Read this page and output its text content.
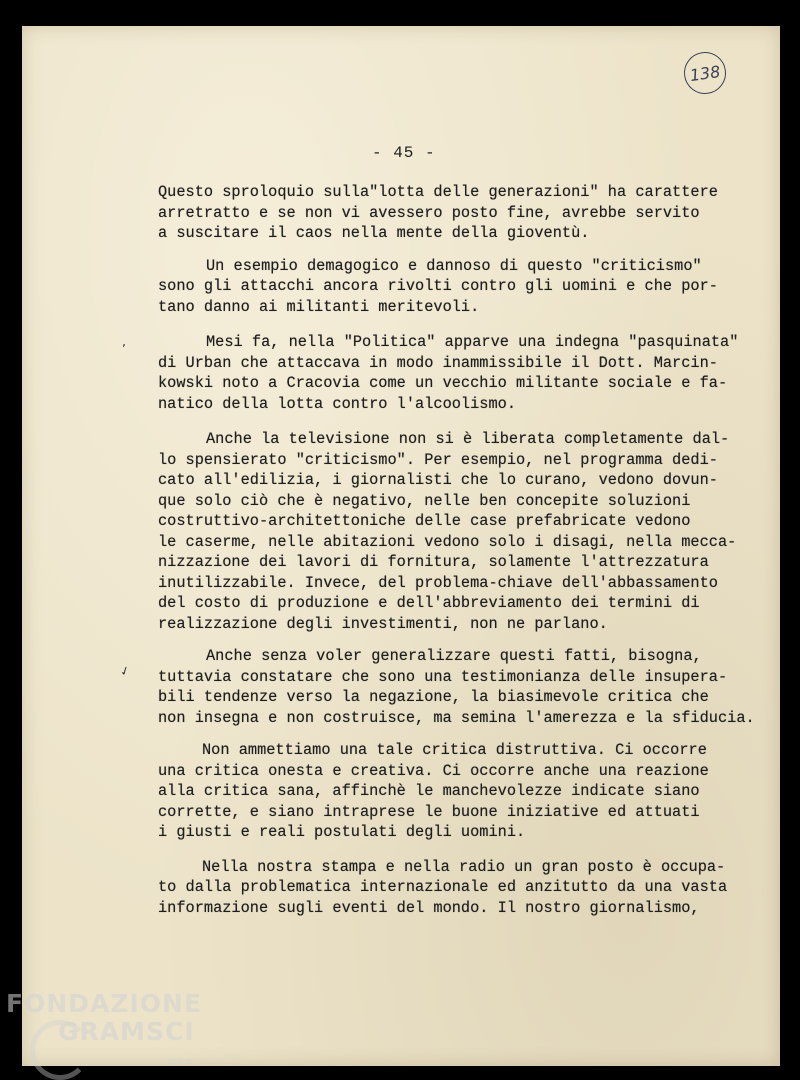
138
- 45 -
ʼ
✓
Questo sproloquio sulla"lotta delle generazioni" ha carattere
arretratto e se non vi avessero posto fine, avrebbe servito
a suscitare il caos nella mente della gioventù.
Un esempio demagogico e dannoso di questo "criticismo"
sono gli attacchi ancora rivolti contro gli uomini e che por-
tano danno ai militanti meritevoli.
Mesi fa, nella "Politica" apparve una indegna "pasquinata"
di Urban che attaccava in modo inammissibile il Dott. Marcin-
kowski noto a Cracovia come un vecchio militante sociale e fa-
natico della lotta contro l'alcoolismo.
Anche la televisione non si è liberata completamente dal-
lo spensierato "criticismo". Per esempio, nel programma dedi-
cato all'edilizia, i giornalisti che lo curano, vedono dovun-
que solo ciò che è negativo, nelle ben concepite soluzioni
costruttivo-architettoniche delle case prefabricate vedono
le caserme, nelle abitazioni vedono solo i disagi, nella mecca-
nizzazione dei lavori di fornitura, solamente l'attrezzatura
inutilizzabile. Invece, del problema-chiave dell'abbassamento
del costo di produzione e dell'abbreviamento dei termini di
realizzazione degli investimenti, non ne parlano.
Anche senza voler generalizzare questi fatti, bisogna,
tuttavia constatare che sono una testimonianza delle insupera-
bili tendenze verso la negazione, la biasimevole critica che
non insegna e non costruisce, ma semina l'amerezza e la sfiducia.
Non ammettiamo una tale critica distruttiva. Ci occorre
una critica onesta e creativa. Ci occorre anche una reazione
alla critica sana, affinchè le manchevolezze indicate siano
corrette, e siano intraprese le buone iniziative ed attuati
i giusti e reali postulati degli uomini.
Nella nostra stampa e nella radio un gran posto è occupa-
to dalla problematica internazionale ed anzitutto da una vasta
informazione sugli eventi del mondo. Il nostro giornalismo,
FONDAZIONE
GRAMSCI
onlus
